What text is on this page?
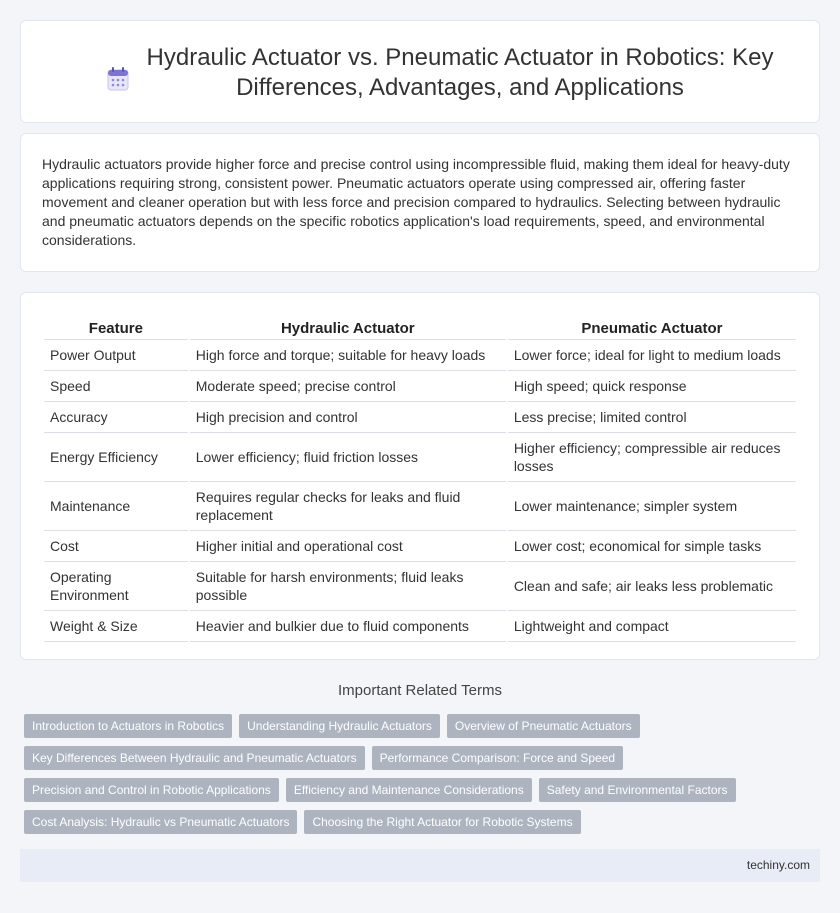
Hydraulic Actuator vs. Pneumatic Actuator in Robotics: Key Differences, Advantages, and Applications

Hydraulic actuators provide higher force and precise control using incompressible fluid, making them ideal for heavy-duty applications requiring strong, consistent power. Pneumatic actuators operate using compressed air, offering faster movement and cleaner operation but with less force and precision compared to hydraulics. Selecting between hydraulic and pneumatic actuators depends on the specific robotics application's load requirements, speed, and environmental considerations.

Feature	Hydraulic Actuator	Pneumatic Actuator
Power Output	High force and torque; suitable for heavy loads	Lower force; ideal for light to medium loads
Speed	Moderate speed; precise control	High speed; quick response
Accuracy	High precision and control	Less precise; limited control
Energy Efficiency	Lower efficiency; fluid friction losses	Higher efficiency; compressible air reduces losses
Maintenance	Requires regular checks for leaks and fluid replacement	Lower maintenance; simpler system
Cost	Higher initial and operational cost	Lower cost; economical for simple tasks
Operating Environment	Suitable for harsh environments; fluid leaks possible	Clean and safe; air leaks less problematic
Weight & Size	Heavier and bulkier due to fluid components	Lightweight and compact
Important Related Terms
Introduction to Actuators in Robotics	Understanding Hydraulic Actuators	Overview of Pneumatic Actuators
Key Differences Between Hydraulic and Pneumatic Actuators	Performance Comparison: Force and Speed
Precision and Control in Robotic Applications	Efficiency and Maintenance Considerations	Safety and Environmental Factors
Cost Analysis: Hydraulic vs Pneumatic Actuators	Choosing the Right Actuator for Robotic Systems
techiny.com
